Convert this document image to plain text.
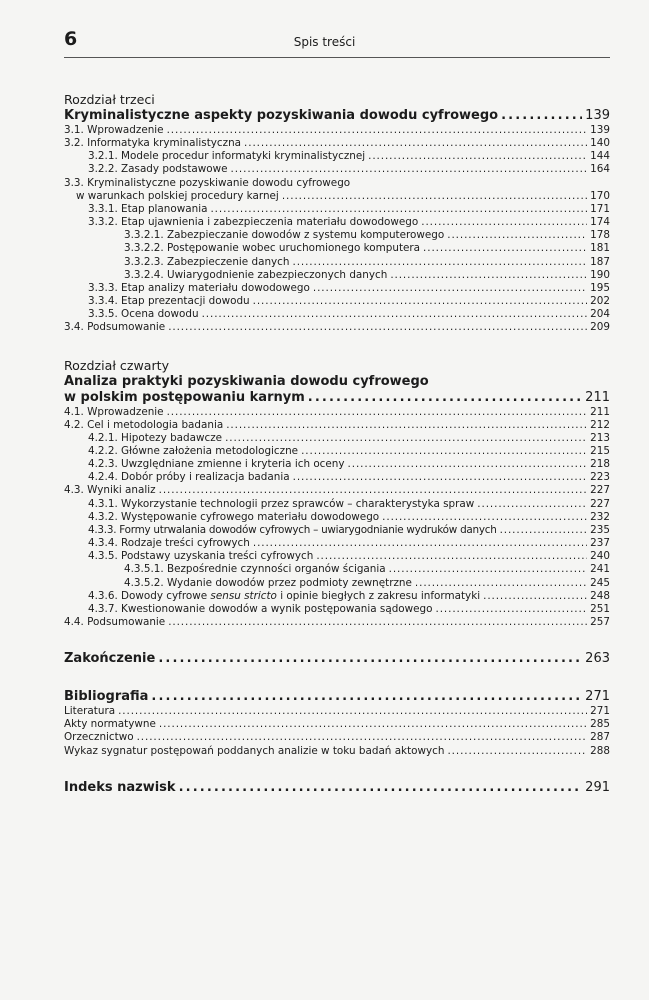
6	Spis treści
Rozdział trzeci
Kryminalistyczne aspekty pozyskiwania dowodu cyfrowego . . .	139
3.1. Wprowadzenie . . .	139
3.2. Informatyka kryminalistyczna . . .	140
3.2.1. Modele procedur informatyki kryminalistycznej . . .	144
3.2.2. Zasady podstawowe . . .	164
3.3. Kryminalistyczne pozyskiwanie dowodu cyfrowego
w warunkach polskiej procedury karnej . . .	170
3.3.1. Etap planowania . . .	171
3.3.2. Etap ujawnienia i zabezpieczenia materiału dowodowego . . .	174
3.3.2.1. Zabezpieczanie dowodów z systemu komputerowego . . .	178
3.3.2.2. Postępowanie wobec uruchomionego komputera . . .	181
3.3.2.3. Zabezpieczenie danych . . .	187
3.3.2.4. Uwiarygodnienie zabezpieczonych danych . . .	190
3.3.3. Etap analizy materiału dowodowego . . .	195
3.3.4. Etap prezentacji dowodu . . .	202
3.3.5. Ocena dowodu . . .	204
3.4. Podsumowanie . . .	209
Rozdział czwarty
Analiza praktyki pozyskiwania dowodu cyfrowego
w polskim postępowaniu karnym . . .	211
4.1. Wprowadzenie . . .	211
4.2. Cel i metodologia badania . . .	212
4.2.1. Hipotezy badawcze . . .	213
4.2.2. Główne założenia metodologiczne . . .	215
4.2.3. Uwzględniane zmienne i kryteria ich oceny . . .	218
4.2.4. Dobór próby i realizacja badania . . .	223
4.3. Wyniki analiz . . .	227
4.3.1. Wykorzystanie technologii przez sprawców – charakterystyka spraw . . .	227
4.3.2. Występowanie cyfrowego materiału dowodowego . . .	232
4.3.3. Formy utrwalania dowodów cyfrowych – uwiarygodnianie wydruków danych . . .	235
4.3.4. Rodzaje treści cyfrowych . . .	237
4.3.5. Podstawy uzyskania treści cyfrowych . . .	240
4.3.5.1. Bezpośrednie czynności organów ścigania . . .	241
4.3.5.2. Wydanie dowodów przez podmioty zewnętrzne . . .	245
4.3.6. Dowody cyfrowe sensu stricto i opinie biegłych z zakresu informatyki . . .	248
4.3.7. Kwestionowanie dowodów a wynik postępowania sądowego . . .	251
4.4. Podsumowanie . . .	257
Zakończenie . . .	263
Bibliografia . . .	271
Literatura . . .	271
Akty normatywne . . .	285
Orzecznictwo . . .	287
Wykaz sygnatur postępowań poddanych analizie w toku badań aktowych . . .	288
Indeks nazwisk . . .	291
